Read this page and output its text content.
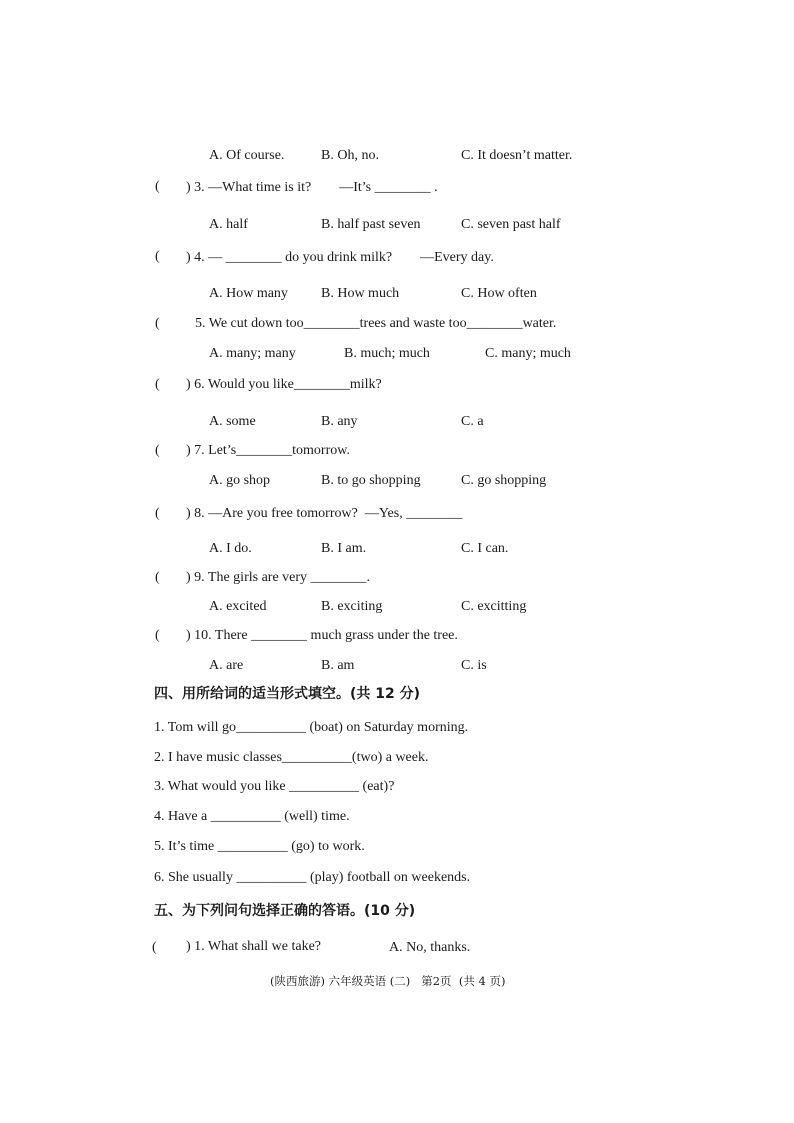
A. Of course.	B. Oh, no.	C. It doesn’t matter.
( ) 3. —What time is it?        —It’s ________ .
A. half	B. half past seven	C. seven past half
( ) 4. — ________ do you drink milk?        —Every day.
A. How many B. How much	C. How often
(	5. We cut down too________trees and waste too________water.
A. many; many	B. much; much	C. many; much
( ) 6. Would you like________milk?
A. some	B. any	C. a
( ) 7. Let’s________tomorrow.
A. go shop	B. to go shopping	C. go shopping
( ) 8. —Are you free tomorrow?  —Yes, ________
A. I do.	B. I am.	C. I can.
( ) 9. The girls are very ________.
A. excited	B. exciting	C. excitting
( ) 10. There ________ much grass under the tree.
A. are	B. am	C. is
四、用所给词的适当形式填空。(共 12 分)
1. Tom will go__________ (boat) on Saturday morning.
2. I have music classes__________(two) a week.
3. What would you like __________ (eat)?
4. Have a __________ (well) time.
5. It’s time __________ (go) to work.
6. She usually __________ (play) football on weekends.
五、为下列问句选择正确的答语。(10 分)
( ) 1. What shall we take?	A. No, thanks.
(陕西旅游) 六年级英语 (二)   第2页  (共 4 页)
